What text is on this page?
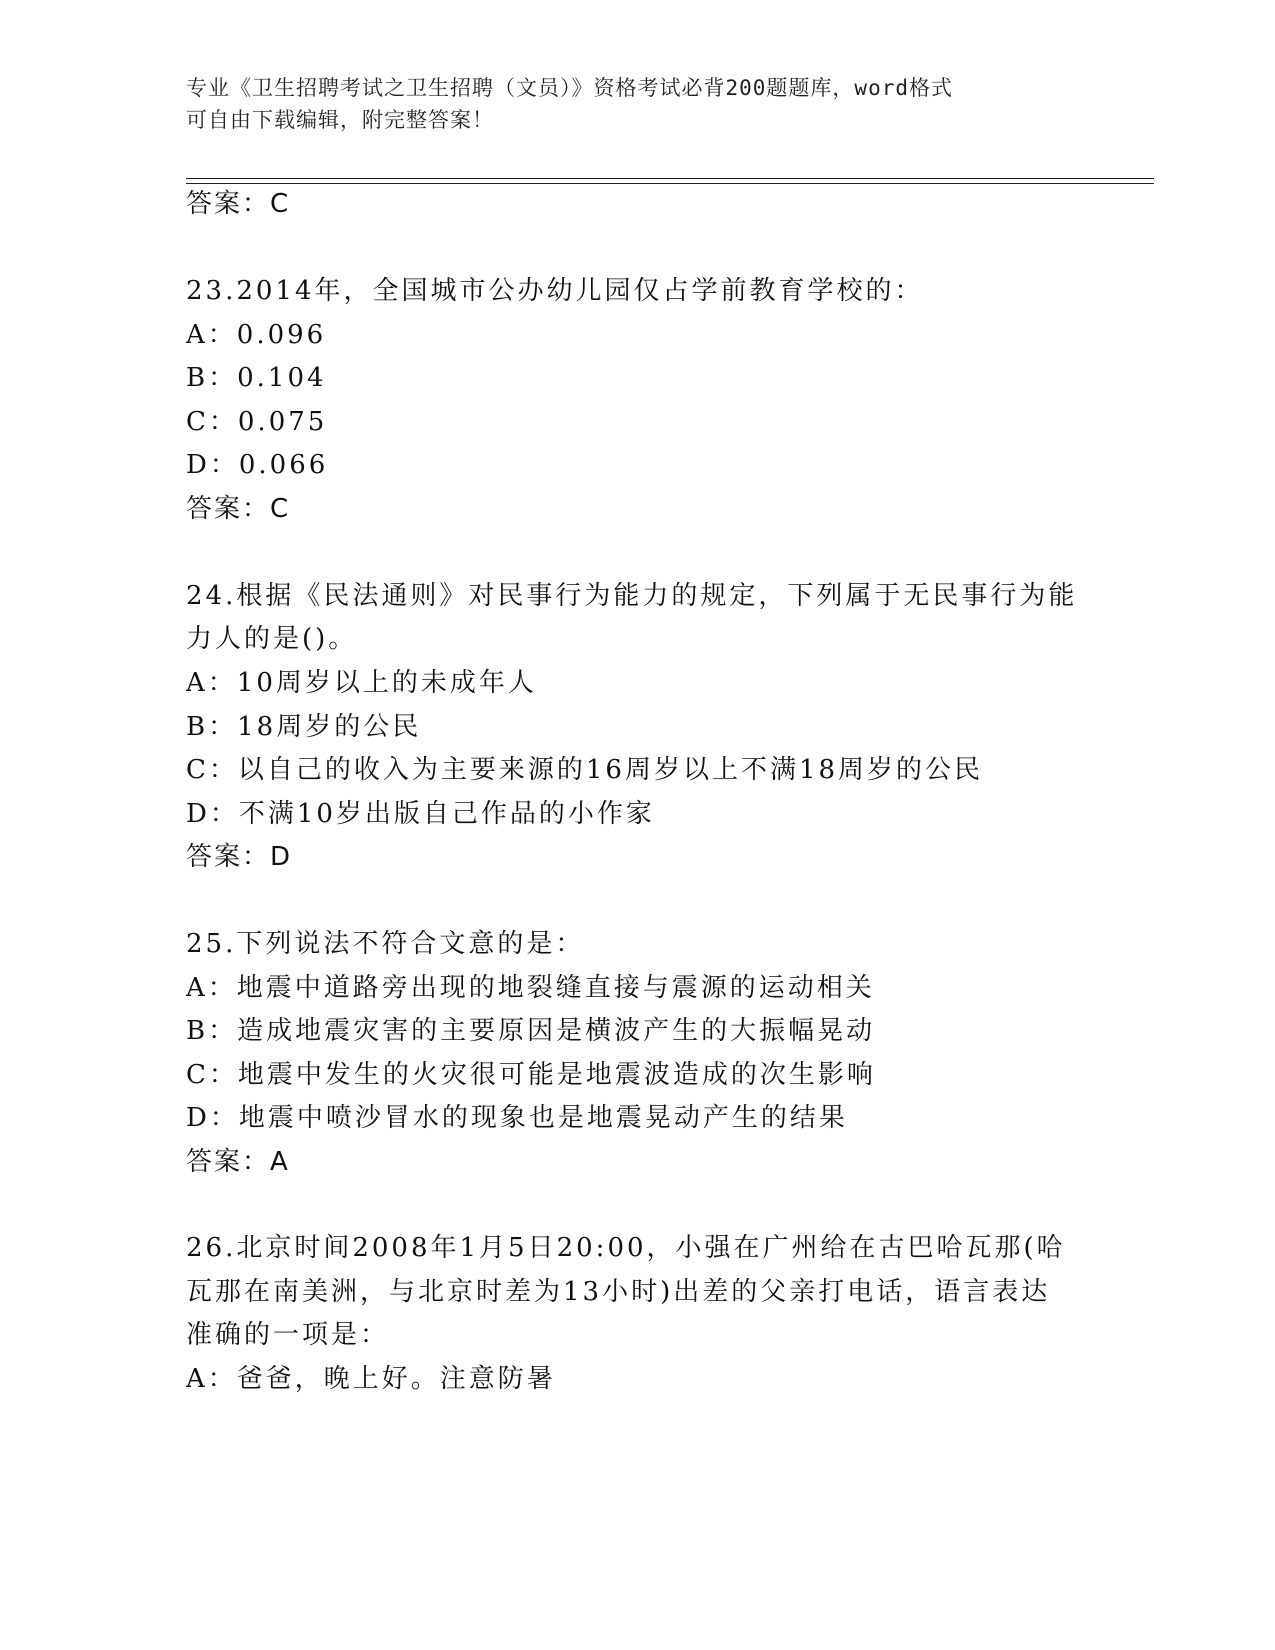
专业《卫生招聘考试之卫生招聘（文员）》资格考试必背200题题库，word格式
可自由下载编辑，附完整答案！
答案：C
23.2014年，全国城市公办幼儿园仅占学前教育学校的：
A：0.096
B：0.104
C：0.075
D：0.066
答案：C
24.根据《民法通则》对民事行为能力的规定，下列属于无民事行为能
力人的是()。
A：10周岁以上的未成年人
B：18周岁的公民
C：以自己的收入为主要来源的16周岁以上不满18周岁的公民
D：不满10岁出版自己作品的小作家
答案：D
25.下列说法不符合文意的是：
A：地震中道路旁出现的地裂缝直接与震源的运动相关
B：造成地震灾害的主要原因是横波产生的大振幅晃动
C：地震中发生的火灾很可能是地震波造成的次生影响
D：地震中喷沙冒水的现象也是地震晃动产生的结果
答案：A
26.北京时间2008年1月5日20:00，小强在广州给在古巴哈瓦那(哈
瓦那在南美洲，与北京时差为13小时)出差的父亲打电话，语言表达
准确的一项是：
A：爸爸，晚上好。注意防暑
